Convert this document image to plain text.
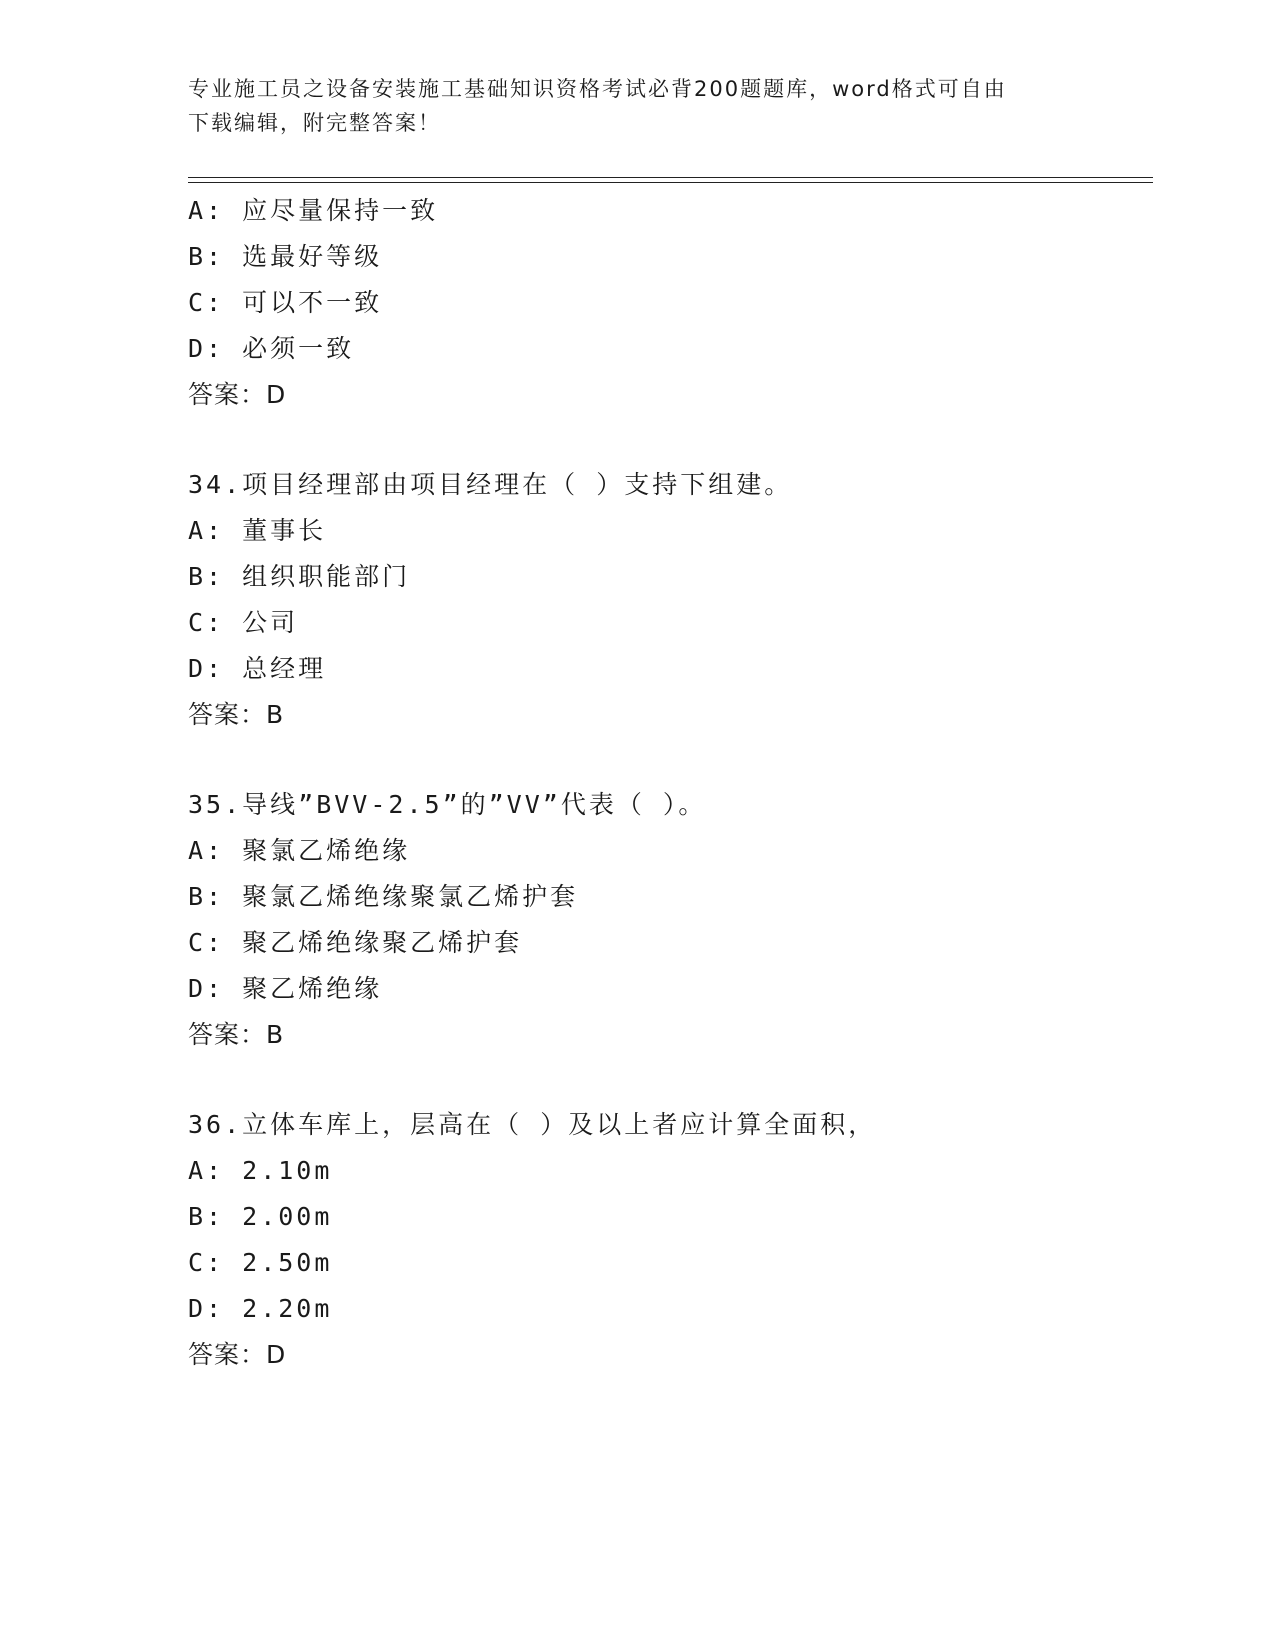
专业施工员之设备安装施工基础知识资格考试必背200题题库，word格式可自由
下载编辑，附完整答案！
A: 应尽量保持一致
B: 选最好等级
C: 可以不一致
D: 必须一致
答案：D
34.项目经理部由项目经理在（ ）支持下组建。
A: 董事长
B: 组织职能部门
C: 公司
D: 总经理
答案：B
35.导线”BVV-2.5”的”VV”代表（ ）。
A: 聚氯乙烯绝缘
B: 聚氯乙烯绝缘聚氯乙烯护套
C: 聚乙烯绝缘聚乙烯护套
D: 聚乙烯绝缘
答案：B
36.立体车库上，层高在（ ）及以上者应计算全面积，
A: 2.10m
B: 2.00m
C: 2.50m
D: 2.20m
答案：D
